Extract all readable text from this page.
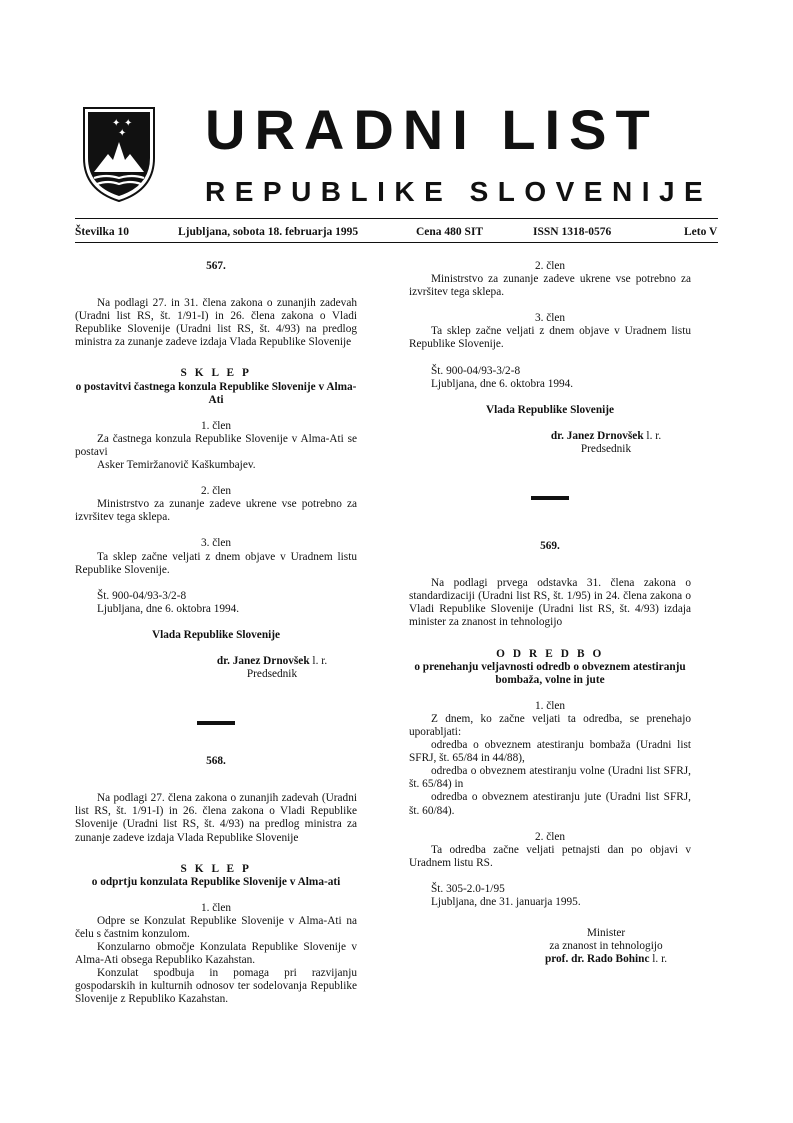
✦ ✦
✦ URADNI LIST
REPUBLIKE SLOVENIJE
Številka 10	Ljubljana, sobota 18. februarja 1995	Cena 480 SIT	ISSN 1318-0576	Leto V

567.

Na podlagi 27. in 31. člena zakona o zunanjih zadevah (Uradni list RS, št. 1/91-I) in 26. člena zakona o Vladi Republike Slovenije (Uradni list RS, št. 4/93) na predlog ministra za zunanje zadeve izdaja Vlada Republike Slovenije

S K L E P

o postavitvi častnega konzula Republike Slovenije v Alma-Ati

1. člen

Za častnega konzula Republike Slovenije v Alma-Ati se postavi

Asker Temiržanovič Kaškumbajev.

2. člen

Ministrstvo za zunanje zadeve ukrene vse potrebno za izvršitev tega sklepa.

3. člen

Ta sklep začne veljati z dnem objave v Uradnem listu Republike Slovenije.

Št. 900-04/93-3/2-8

Ljubljana, dne 6. oktobra 1994.

Vlada Republike Slovenije

dr. Janez Drnovšek l. r.

Predsednik

568.

Na podlagi 27. člena zakona o zunanjih zadevah (Uradni list RS, št. 1/91-I) in 26. člena zakona o Vladi Republike Slovenije (Uradni list RS, št. 4/93) na predlog ministra za zunanje zadeve izdaja Vlada Republike Slovenije

S K L E P

o odprtju konzulata Republike Slovenije v Alma-ati

1. člen

Odpre se Konzulat Republike Slovenije v Alma-Ati na čelu s častnim konzulom.

Konzularno območje Konzulata Republike Slovenije v Alma-Ati obsega Republiko Kazahstan.

Konzulat spodbuja in pomaga pri razvijanju gospodarskih in kulturnih odnosov ter sodelovanja Republike Slovenije z Republiko Kazahstan.

2. člen

Ministrstvo za zunanje zadeve ukrene vse potrebno za izvršitev tega sklepa.

3. člen

Ta sklep začne veljati z dnem objave v Uradnem listu Republike Slovenije.

Št. 900-04/93-3/2-8

Ljubljana, dne 6. oktobra 1994.

Vlada Republike Slovenije

dr. Janez Drnovšek l. r.

Predsednik

569.

Na podlagi prvega odstavka 31. člena zakona o standardizaciji (Uradni list RS, št. 1/95) in 24. člena zakona o Vladi Republike Slovenije (Uradni list RS, št. 4/93) izdaja minister za znanost in tehnologijo

O D R E D B O

o prenehanju veljavnosti odredb o obveznem atestiranju bombaža, volne in jute

1. člen

Z dnem, ko začne veljati ta odredba, se prenehajo uporabljati:

odredba o obveznem atestiranju bombaža (Uradni list SFRJ, št. 65/84 in 44/88),

odredba o obveznem atestiranju volne (Uradni list SFRJ, št. 65/84) in

odredba o obveznem atestiranju jute (Uradni list SFRJ, št. 60/84).

2. člen

Ta odredba začne veljati petnajsti dan po objavi v Uradnem listu RS.

Št. 305-2.0-1/95

Ljubljana, dne 31. januarja 1995.

Minister

za znanost in tehnologijo

prof. dr. Rado Bohinc l. r.
